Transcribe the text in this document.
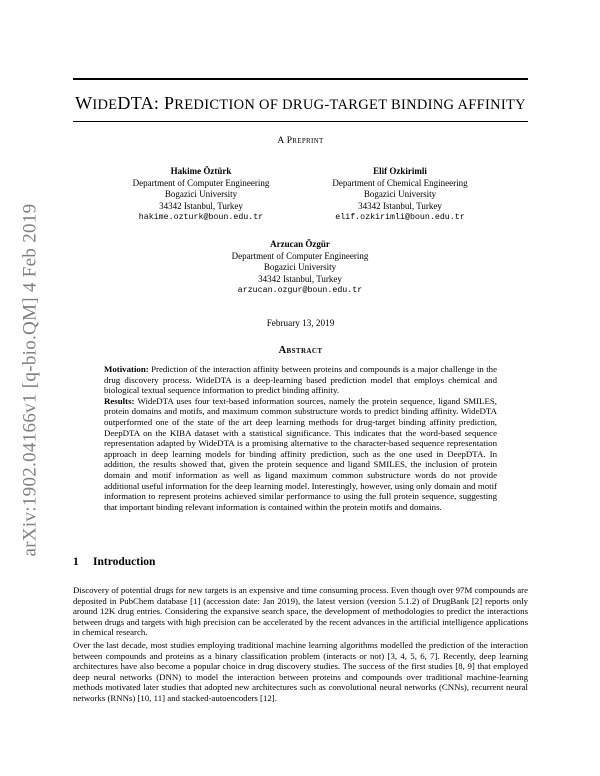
arXiv:1902.04166v1 [q-bio.QM] 4 Feb 2019
WIDEDTA: PREDICTION OF DRUG-TARGET BINDING AFFINITY
A Preprint
Hakime Öztürk
Department of Computer Engineering
Bogazici University
34342 Istanbul, Turkey
hakime.ozturk@boun.edu.tr
Elif Ozkirimli
Department of Chemical Engineering
Bogazici University
34342 Istanbul, Turkey
elif.ozkirimli@boun.edu.tr
Arzucan Özgür
Department of Computer Engineering
Bogazici University
34342 Istanbul, Turkey
arzucan.ozgur@boun.edu.tr
February 13, 2019
Abstract

Motivation: Prediction of the interaction affinity between proteins and compounds is a major challenge in the drug discovery process. WideDTA is a deep-learning based prediction model that employs chemical and biological textual sequence information to predict binding affinity.

Results: WideDTA uses four text-based information sources, namely the protein sequence, ligand SMILES, protein domains and motifs, and maximum common substructure words to predict binding affinity. WideDTA outperformed one of the state of the art deep learning methods for drug-target binding affinity prediction, DeepDTA on the KIBA dataset with a statistical significance. This indicates that the word-based sequence representation adapted by WideDTA is a promising alternative to the character-based sequence representation approach in deep learning models for binding affinity prediction, such as the one used in DeepDTA. In addition, the results showed that, given the protein sequence and ligand SMILES, the inclusion of protein domain and motif information as well as ligand maximum common substructure words do not provide additional useful information for the deep learning model. Interestingly, however, using only domain and motif information to represent proteins achieved similar performance to using the full protein sequence, suggesting that important binding relevant information is contained within the protein motifs and domains.

1 Introduction

Discovery of potential drugs for new targets is an expensive and time consuming process. Even though over 97M compounds are deposited in PubChem database [1] (accession date: Jan 2019), the latest version (version 5.1.2) of DrugBank [2] reports only around 12K drug entries. Considering the expansive search space, the development of methodologies to predict the interactions between drugs and targets with high precision can be accelerated by the recent advances in the artificial intelligence applications in chemical research.

Over the last decade, most studies employing traditional machine learning algorithms modelled the prediction of the interaction between compounds and proteins as a binary classification problem (interacts or not) [3, 4, 5, 6, 7]. Recently, deep learning architectures have also become a popular choice in drug discovery studies. The success of the first studies [8, 9] that employed deep neural networks (DNN) to model the interaction between proteins and compounds over traditional machine-learning methods motivated later studies that adopted new architectures such as convolutional neural networks (CNNs), recurrent neural networks (RNNs) [10, 11] and stacked-autoencoders [12].
